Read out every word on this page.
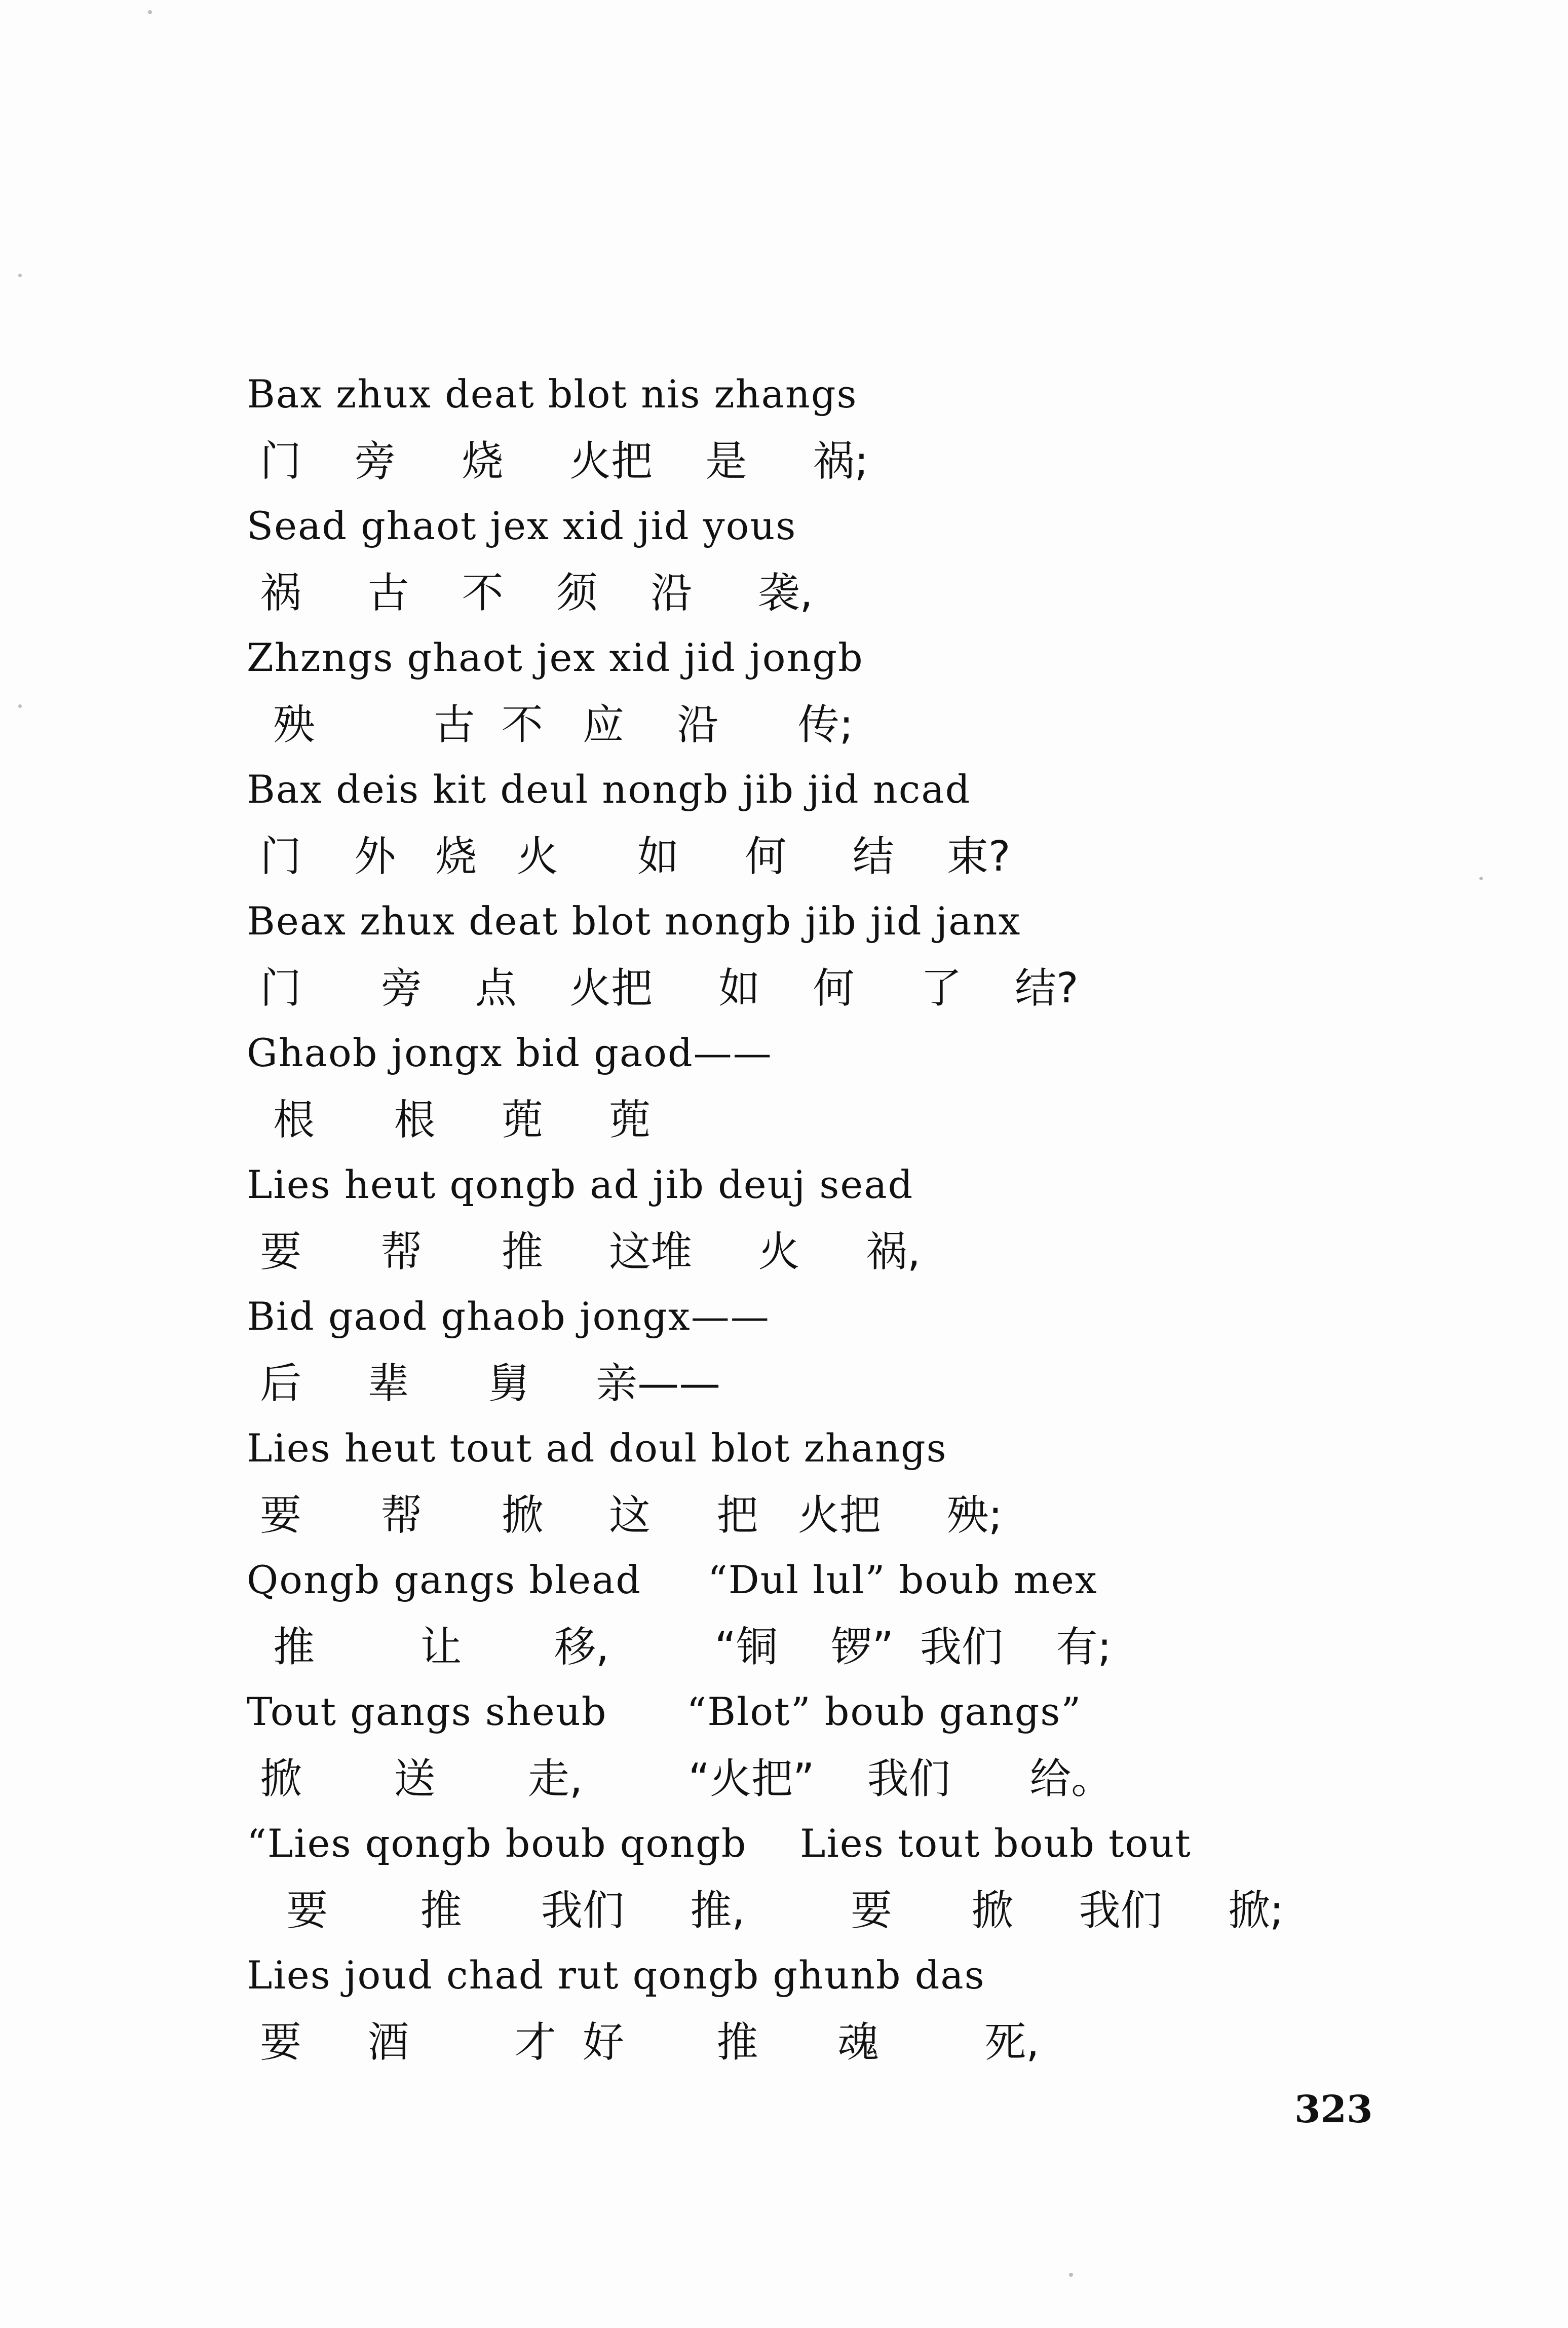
Bax zhux deat blot nis zhangs
门    旁     烧     火把    是     祸;
Sead ghaot jex xid jid yous
祸     古    不    须    沿     袭,
Zhzngs ghaot jex xid jid jongb
殃         古  不   应    沿      传;
Bax deis kit deul nongb jib jid ncad
门    外   烧   火      如     何     结    束?
Beax zhux deat blot nongb jib jid janx
门      旁    点    火把     如    何     了    结?
Ghaob jongx bid gaod——
根      根     蔸     蔸
Lies heut qongb ad jib deuj sead
要      帮      推     这堆     火     祸,
Bid gaod ghaob jongx——
后     辈      舅     亲——
Lies heut tout ad doul blot zhangs
要      帮      掀     这     把   火把     殃;
Qongb gangs blead     “Dul lul” boub mex
推        让       移,        “铜    锣”  我们    有;
Tout gangs sheub      “Blot” boub gangs”
掀       送       走,        “火把”    我们      给。
“Lies qongb boub qongb    Lies tout boub tout
要       推      我们     推,        要      掀     我们     掀;
Lies joud chad rut qongb ghunb das
要     酒        才  好       推      魂        死,
323
